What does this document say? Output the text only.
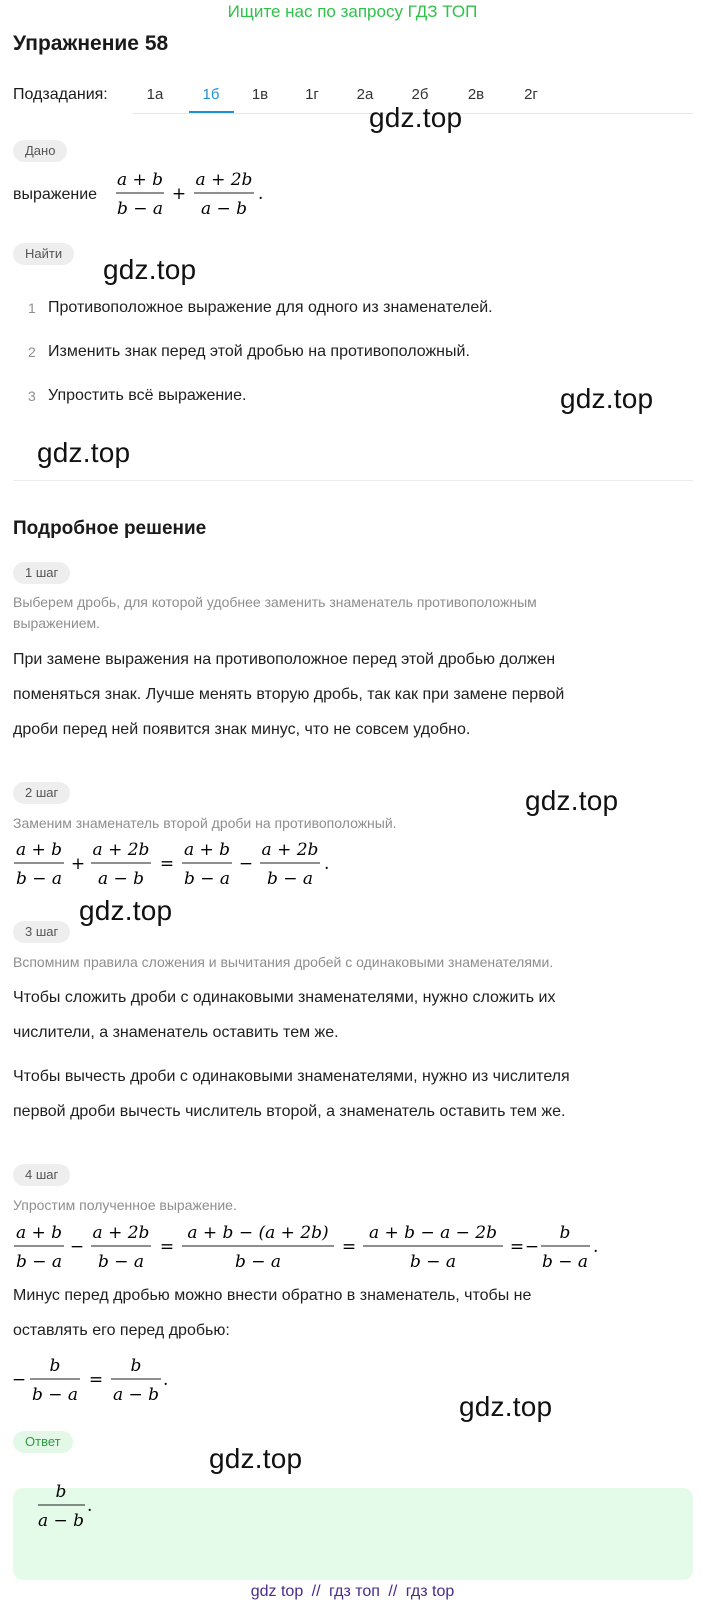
Ищите нас по запросу ГДЗ ТОП
Упражнение 58
Подзадания:	1а	1б	1в	1г	2а	2б	2в	2г
Дано
выражение
a + b
b − a
+
a + 2b
a − b
.
Найти
1 Противоположное выражение для одного из знаменателей.
2 Изменить знак перед этой дробью на противоположный.
3 Упростить всё выражение.
Подробное решение
1 шаг
Выберем дробь, для которой удобнее заменить знаменатель противоположным
выражением.
При замене выражения на противоположное перед этой дробью должен
поменяться знак. Лучше менять вторую дробь, так как при замене первой
дроби перед ней появится знак минус, что не совсем удобно.
2 шаг
Заменим знаменатель второй дроби на противоположный.
a + b
b − a
+
a + 2b
a − b
=
a + b
b − a
−
a + 2b
b − a
.
3 шаг
Вспомним правила сложения и вычитания дробей с одинаковыми знаменателями.
Чтобы сложить дроби с одинаковыми знаменателями, нужно сложить их
числители, а знаменатель оставить тем же.
Чтобы вычесть дроби с одинаковыми знаменателями, нужно из числителя
первой дроби вычесть числитель второй, а знаменатель оставить тем же.
4 шаг
Упростим полученное выражение.
a + b
b − a
−
a + 2b
b − a
=
a + b − (a + 2b)
b − a
=
a + b − a − 2b
b − a
= −
b
b − a
.
Минус перед дробью можно внести обратно в знаменатель, чтобы не
оставлять его перед дробью:
−
b
b − a
=
b
a − b
.
Ответ
b
a − b
.
gdz.top
gdz.top
gdz.top
gdz.top
gdz.top
gdz.top
gdz.top
gdz.top
gdz top // гдз топ // гдз top
